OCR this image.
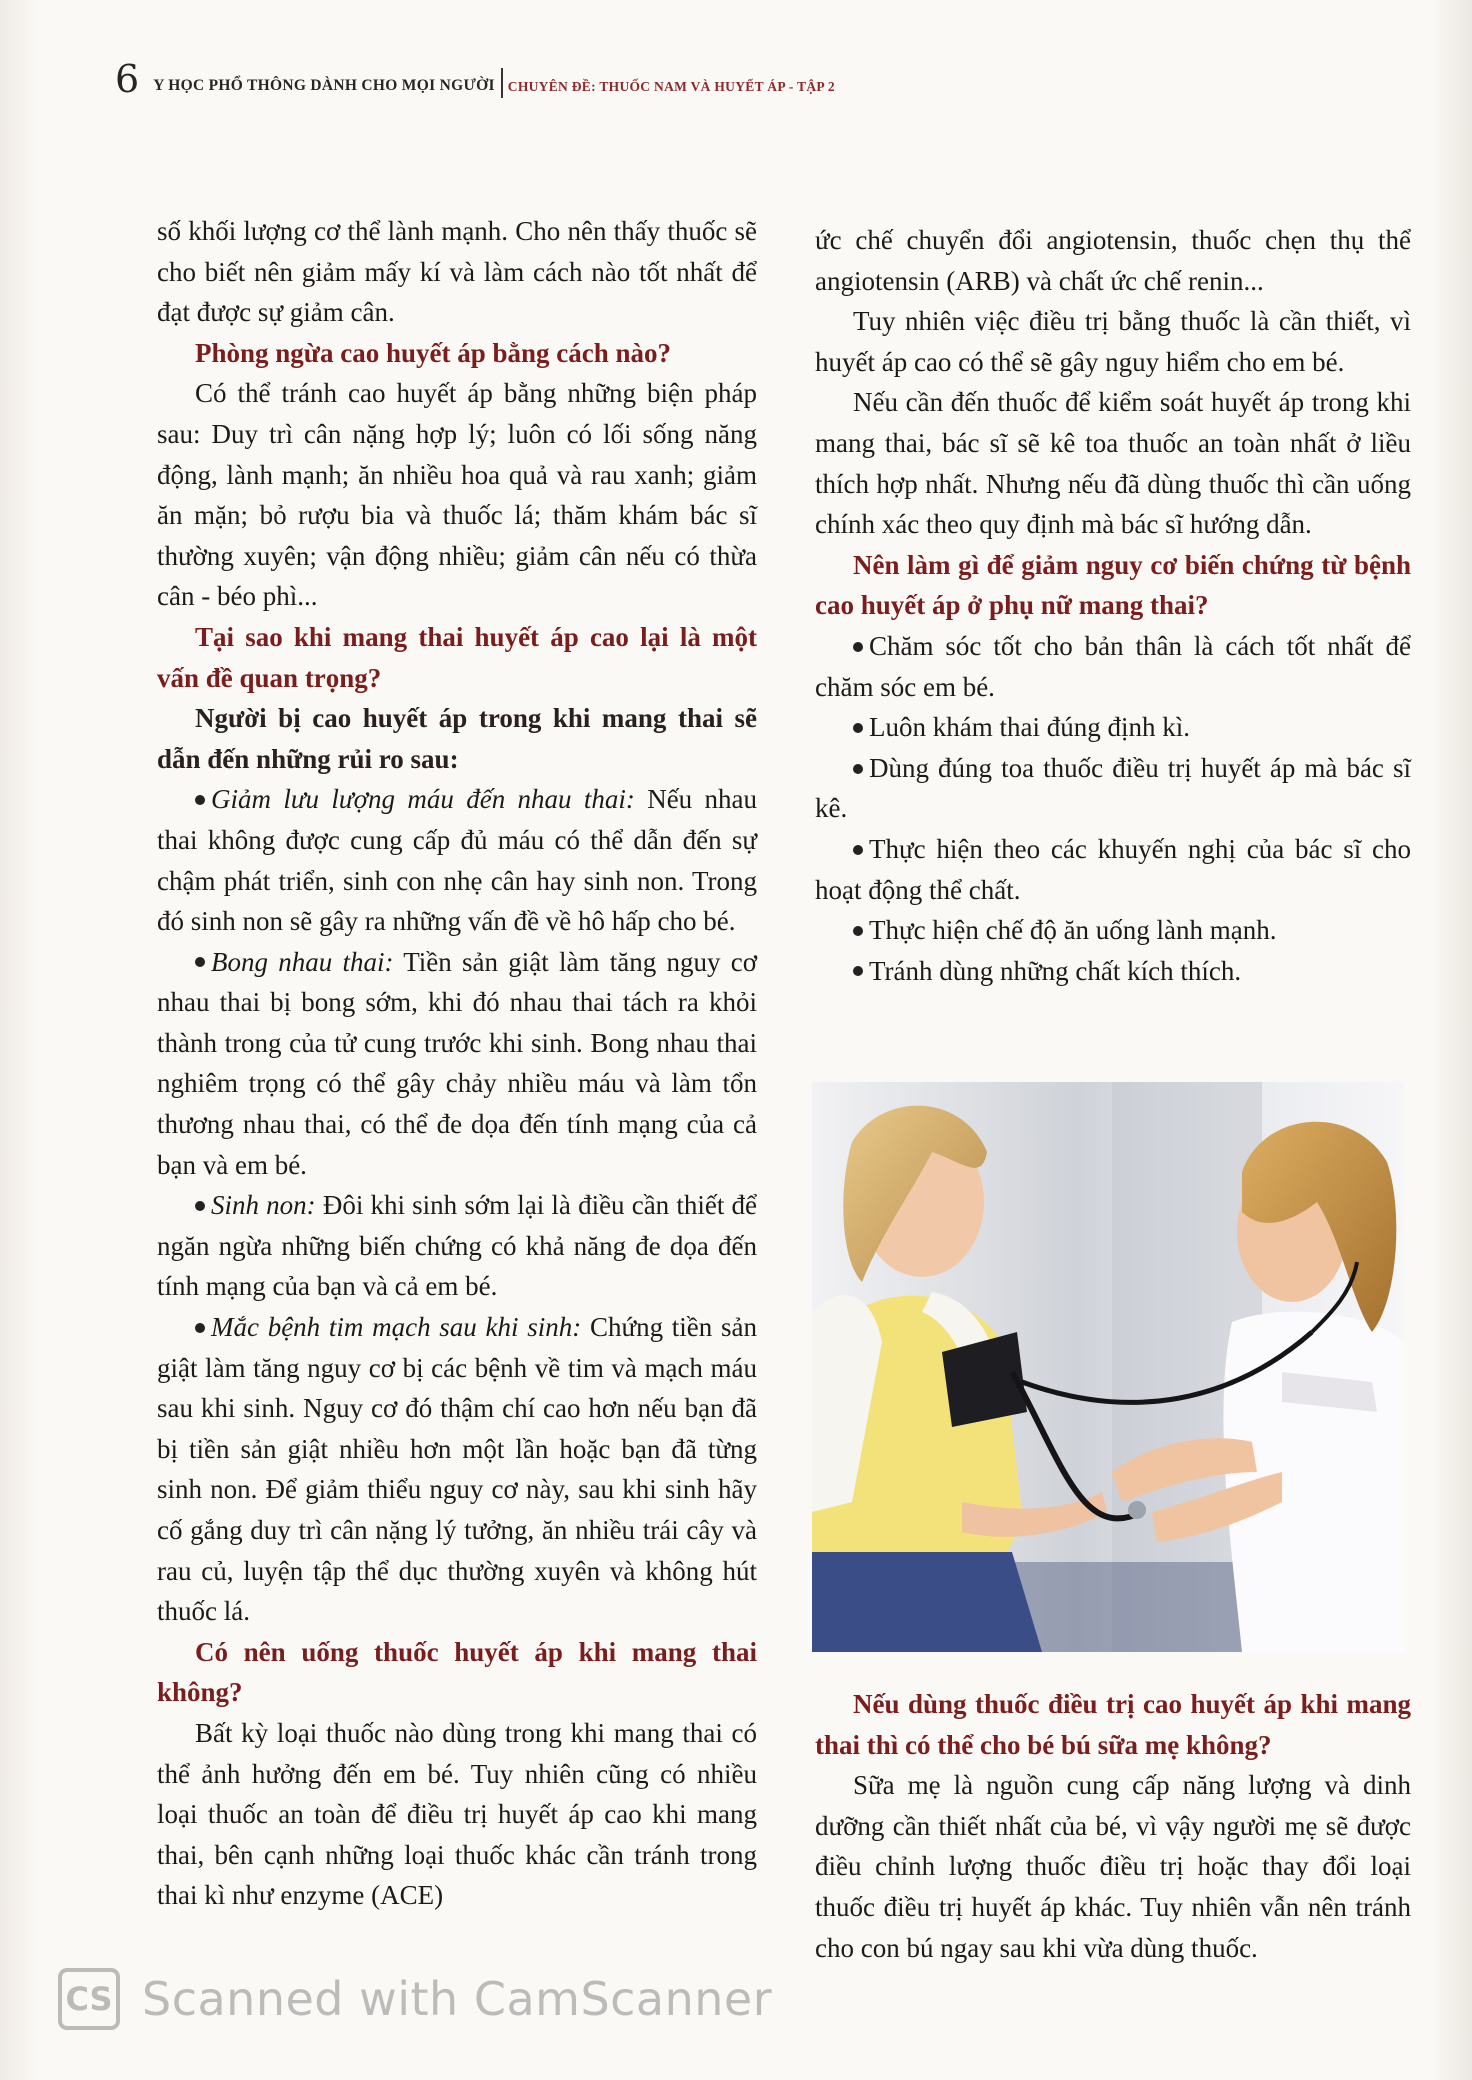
6 Y HỌC PHỔ THÔNG DÀNH CHO MỌI NGƯỜI CHUYÊN ĐỀ: THUỐC NAM VÀ HUYẾT ÁP - TẬP 2

số khối lượng cơ thể lành mạnh. Cho nên thấy thuốc sẽ cho biết nên giảm mấy kí và làm cách nào tốt nhất để đạt được sự giảm cân.

Phòng ngừa cao huyết áp bằng cách nào?

Có thể tránh cao huyết áp bằng những biện pháp sau: Duy trì cân nặng hợp lý; luôn có lối sống năng động, lành mạnh; ăn nhiều hoa quả và rau xanh; giảm ăn mặn; bỏ rượu bia và thuốc lá; thăm khám bác sĩ thường xuyên; vận động nhiều; giảm cân nếu có thừa cân - béo phì...

Tại sao khi mang thai huyết áp cao lại là một vấn đề quan trọng?

Người bị cao huyết áp trong khi mang thai sẽ dẫn đến những rủi ro sau:

Giảm lưu lượng máu đến nhau thai: Nếu nhau thai không được cung cấp đủ máu có thể dẫn đến sự chậm phát triển, sinh con nhẹ cân hay sinh non. Trong đó sinh non sẽ gây ra những vấn đề về hô hấp cho bé.

Bong nhau thai: Tiền sản giật làm tăng nguy cơ nhau thai bị bong sớm, khi đó nhau thai tách ra khỏi thành trong của tử cung trước khi sinh. Bong nhau thai nghiêm trọng có thể gây chảy nhiều máu và làm tổn thương nhau thai, có thể đe dọa đến tính mạng của cả bạn và em bé.

Sinh non: Đôi khi sinh sớm lại là điều cần thiết để ngăn ngừa những biến chứng có khả năng đe dọa đến tính mạng của bạn và cả em bé.

Mắc bệnh tim mạch sau khi sinh: Chứng tiền sản giật làm tăng nguy cơ bị các bệnh về tim và mạch máu sau khi sinh. Nguy cơ đó thậm chí cao hơn nếu bạn đã bị tiền sản giật nhiều hơn một lần hoặc bạn đã từng sinh non. Để giảm thiểu nguy cơ này, sau khi sinh hãy cố gắng duy trì cân nặng lý tưởng, ăn nhiều trái cây và rau củ, luyện tập thể dục thường xuyên và không hút thuốc lá.

Có nên uống thuốc huyết áp khi mang thai không?

Bất kỳ loại thuốc nào dùng trong khi mang thai có thể ảnh hưởng đến em bé. Tuy nhiên cũng có nhiều loại thuốc an toàn để điều trị huyết áp cao khi mang thai, bên cạnh những loại thuốc khác cần tránh trong thai kì như enzyme (ACE)

ức chế chuyển đổi angiotensin, thuốc chẹn thụ thể angiotensin (ARB) và chất ức chế renin...

Tuy nhiên việc điều trị bằng thuốc là cần thiết, vì huyết áp cao có thể sẽ gây nguy hiểm cho em bé.

Nếu cần đến thuốc để kiểm soát huyết áp trong khi mang thai, bác sĩ sẽ kê toa thuốc an toàn nhất ở liều thích hợp nhất. Nhưng nếu đã dùng thuốc thì cần uống chính xác theo quy định mà bác sĩ hướng dẫn.

Nên làm gì để giảm nguy cơ biến chứng từ bệnh cao huyết áp ở phụ nữ mang thai?

Chăm sóc tốt cho bản thân là cách tốt nhất để chăm sóc em bé.

Luôn khám thai đúng định kì.

Dùng đúng toa thuốc điều trị huyết áp mà bác sĩ kê.

Thực hiện theo các khuyến nghị của bác sĩ cho hoạt động thể chất.

Thực hiện chế độ ăn uống lành mạnh.

Tránh dùng những chất kích thích.

Nếu dùng thuốc điều trị cao huyết áp khi mang thai thì có thể cho bé bú sữa mẹ không?

Sữa mẹ là nguồn cung cấp năng lượng và dinh dưỡng cần thiết nhất của bé, vì vậy người mẹ sẽ được điều chỉnh lượng thuốc điều trị hoặc thay đổi loại thuốc điều trị huyết áp khác. Tuy nhiên vẫn nên tránh cho con bú ngay sau khi vừa dùng thuốc.

CS Scanned with CamScanner
